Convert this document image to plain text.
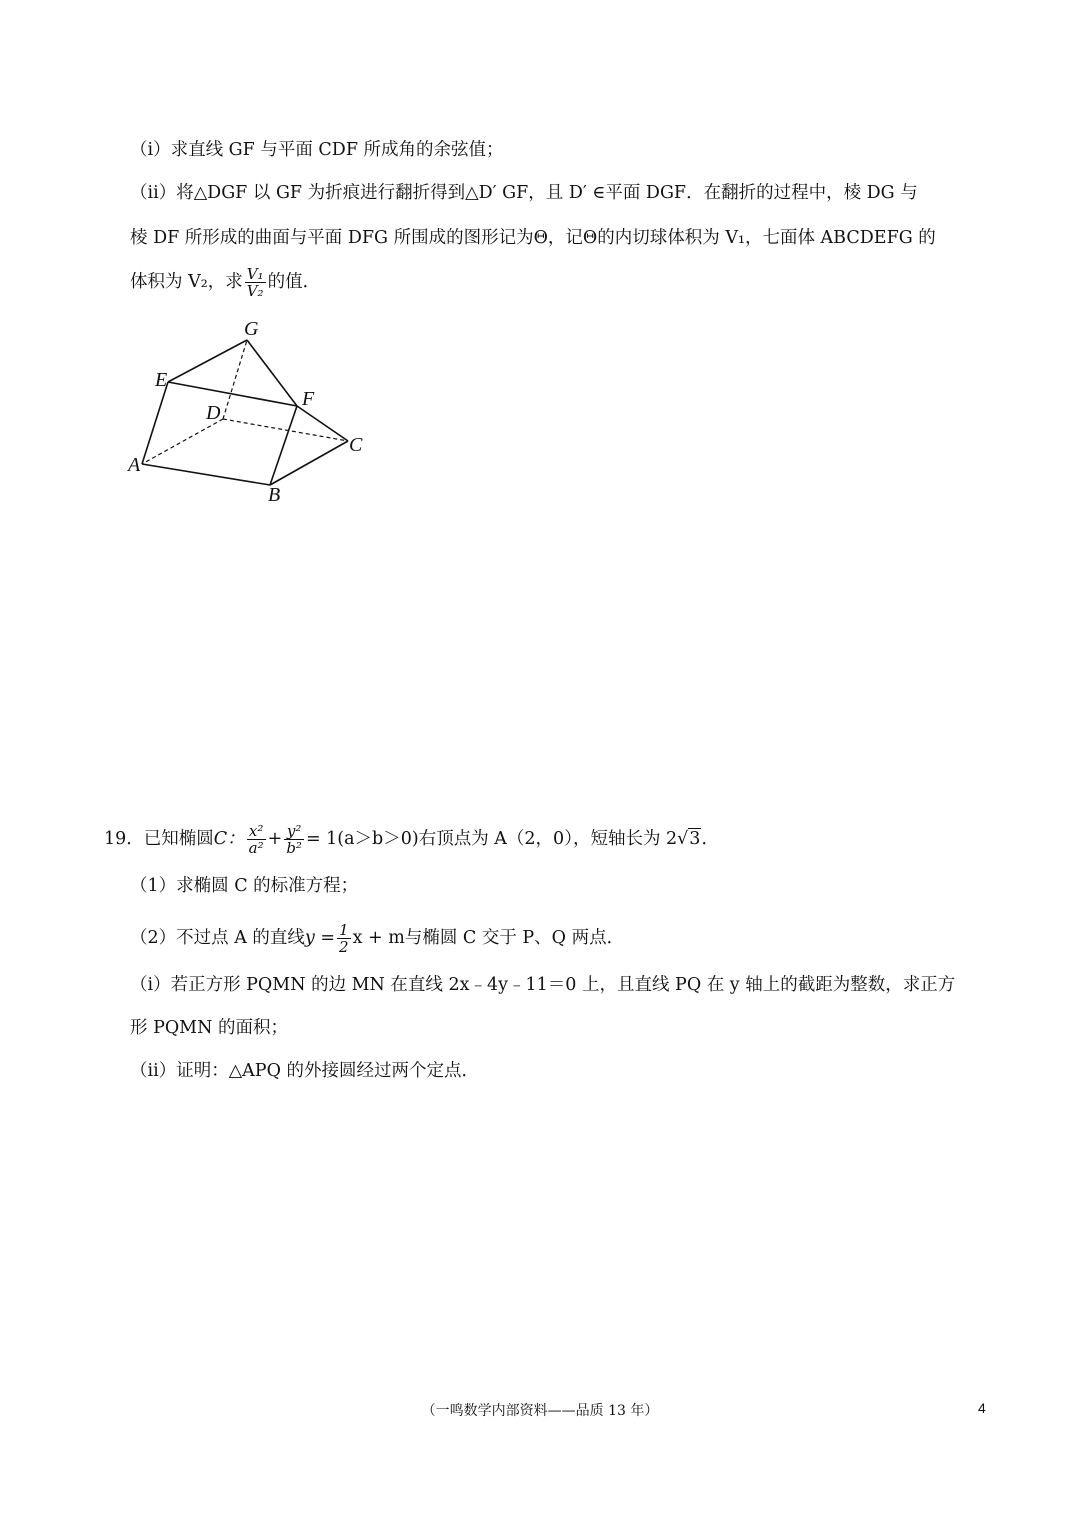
（i）求直线 GF 与平面 CDF 所成角的余弦值；
（ii）将△DGF 以 GF 为折痕进行翻折得到△D′ GF，且 D′ ∈平面 DGF．在翻折的过程中，棱 DG 与
棱 DF 所形成的曲面与平面 DFG 所围成的图形记为Θ，记Θ的内切球体积为 V₁，七面体 ABCDEFG 的
体积为 V₂，求 $\frac{\text{V₁}}{\text{V₂}}$ 的值．
G
E
D
F
C
A
B
19．已知椭圆C： $\frac{\text{x²}}{\text{a²}} + \frac{\text{y²}}{\text{b²}} = 1(a>b>0)$右顶点为 A（2，0），短轴长为 2√3．
（1）求椭圆 C 的标准方程；
（2）不过点 A 的直线$y = \frac{1}{2}$ x + m与椭圆 C 交于 P、Q 两点．
（i）若正方形 PQMN 的边 MN 在直线 2x﹣4y﹣11＝0 上，且直线 PQ 在 y 轴上的截距为整数，求正方
形 PQMN 的面积；
（ii）证明：△APQ 的外接圆经过两个定点．
（一鸣数学内部资料——品质 13 年）	4
